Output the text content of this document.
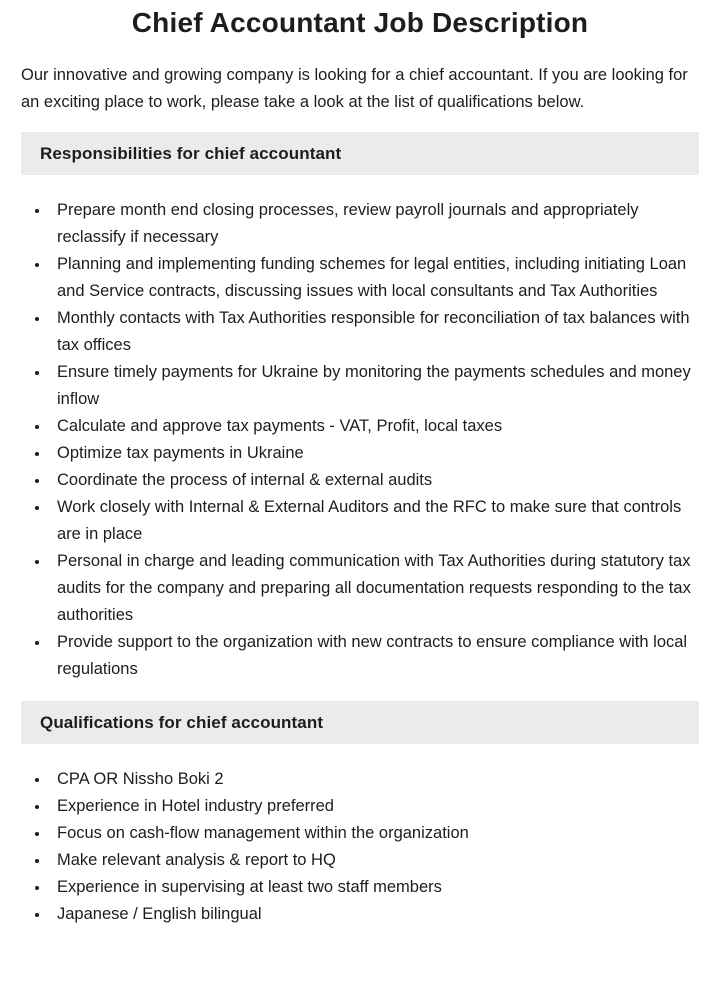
Chief Accountant Job Description

Our innovative and growing company is looking for a chief accountant. If you are looking for an exciting place to work, please take a look at the list of qualifications below.

Responsibilities for chief accountant
• Prepare month end closing processes, review payroll journals and appropriately reclassify if necessary
• Planning and implementing funding schemes for legal entities, including initiating Loan and Service contracts, discussing issues with local consultants and Tax Authorities
• Monthly contacts with Tax Authorities responsible for reconciliation of tax balances with tax offices
• Ensure timely payments for Ukraine by monitoring the payments schedules and money inflow
• Calculate and approve tax payments - VAT, Profit, local taxes
• Optimize tax payments in Ukraine
• Coordinate the process of internal & external audits
• Work closely with Internal & External Auditors and the RFC to make sure that controls are in place
• Personal in charge and leading communication with Tax Authorities during statutory tax audits for the company and preparing all documentation requests responding to the tax authorities
• Provide support to the organization with new contracts to ensure compliance with local regulations
Qualifications for chief accountant
• CPA OR Nissho Boki 2
• Experience in Hotel industry preferred
• Focus on cash-flow management within the organization
• Make relevant analysis & report to HQ
• Experience in supervising at least two staff members
• Japanese / English bilingual
